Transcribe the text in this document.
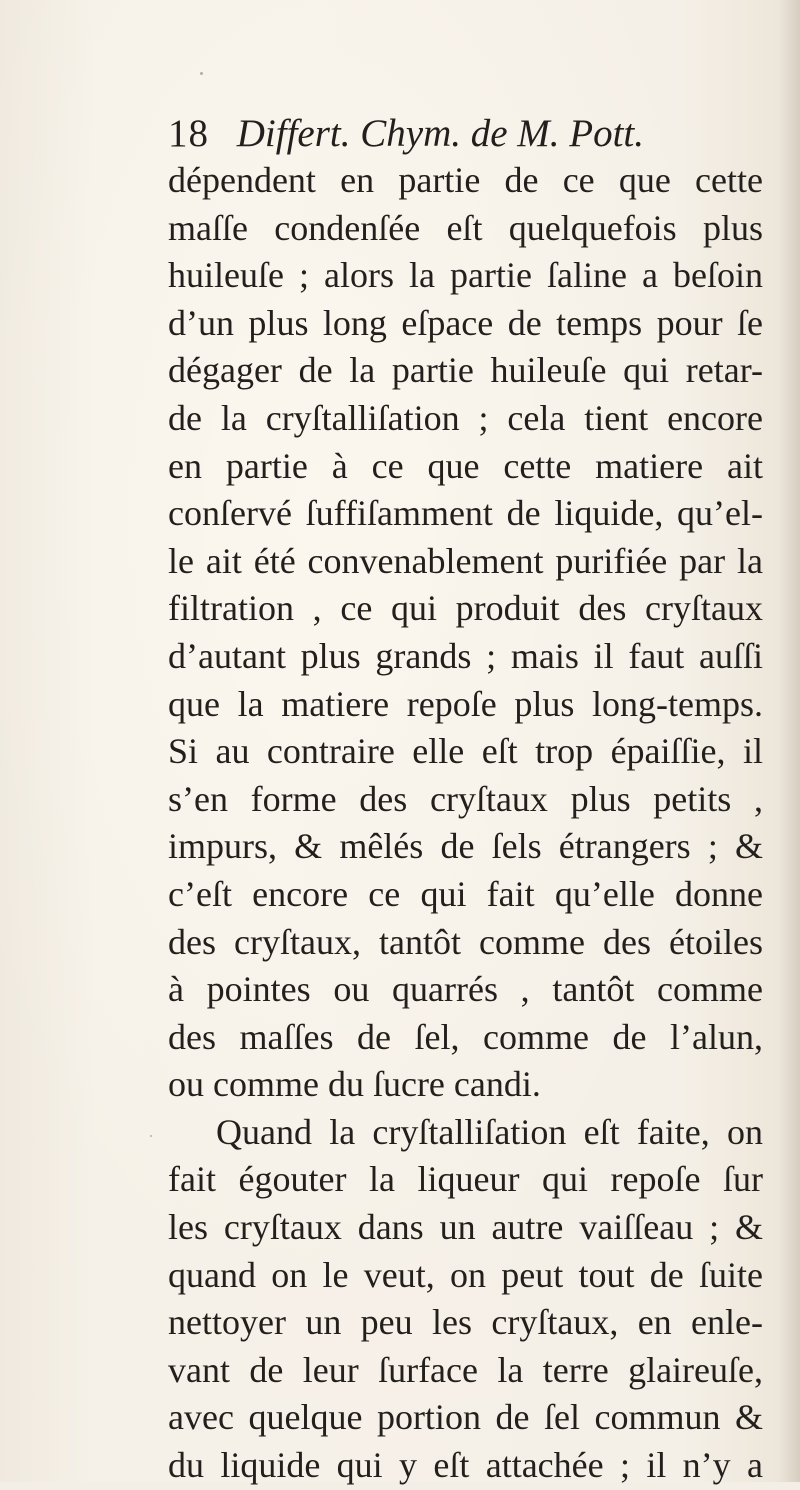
18 Differt. Chym. de M. Pott.
dépendent en partie de ce que cette
maſſe condenſée eſt quelquefois plus
huileuſe ; alors la partie ſaline a beſoin
d’un plus long eſpace de temps pour ſe
dégager de la partie huileuſe qui retar-
de la cryſtalliſation ; cela tient encore
en partie à ce que cette matiere ait
conſervé ſuffiſamment de liquide, qu’el-
le ait été convenablement purifiée par la
filtration , ce qui produit des cryſtaux
d’autant plus grands ; mais il faut auſſi
que la matiere repoſe plus long-temps.
Si au contraire elle eſt trop épaiſſie, il
s’en forme des cryſtaux plus petits ,
impurs, & mêlés de ſels étrangers ; &
c’eſt encore ce qui fait qu’elle donne
des cryſtaux, tantôt comme des étoiles
à pointes ou quarrés , tantôt comme
des maſſes de ſel, comme de l’alun,
ou comme du ſucre candi.
Quand la cryſtalliſation eſt faite, on
fait égouter la liqueur qui repoſe ſur
les cryſtaux dans un autre vaiſſeau ; &
quand on le veut, on peut tout de ſuite
nettoyer un peu les cryſtaux, en enle-
vant de leur ſurface la terre glaireuſe,
avec quelque portion de ſel commun &
du liquide qui y eſt attachée ; il n’y a
